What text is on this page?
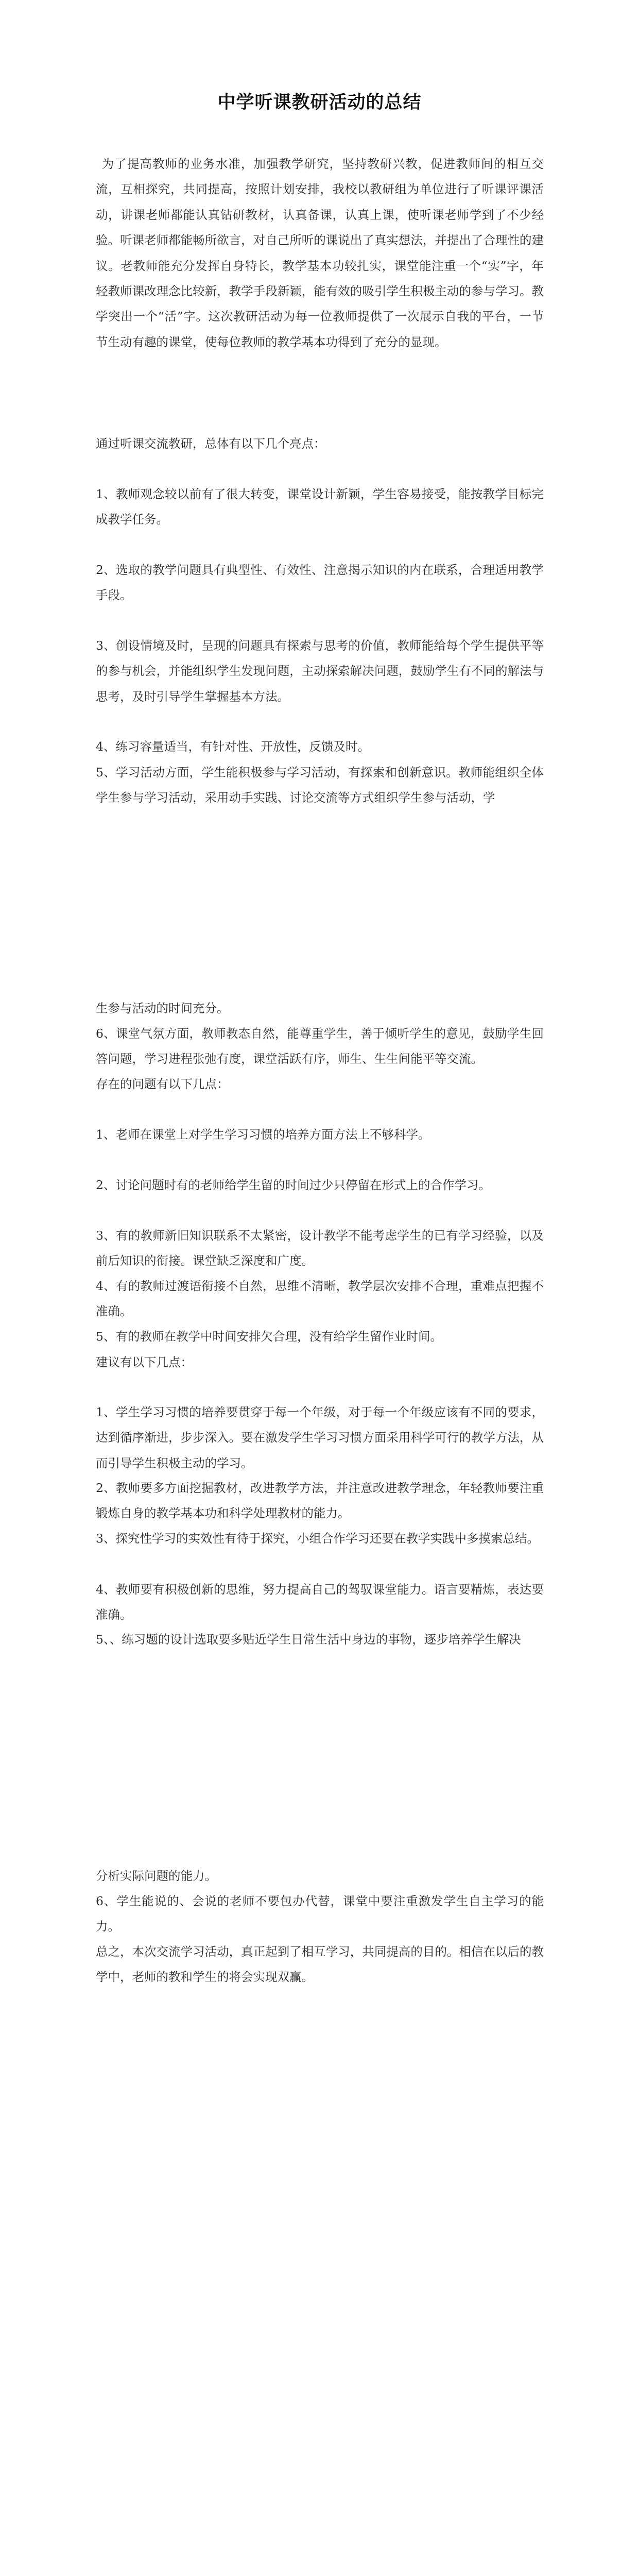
中学听课教研活动的总结

为了提高教师的业务水准，加强教学研究，坚持教研兴教，促进教师间的相互交流，互相探究，共同提高，按照计划安排，我校以教研组为单位进行了听课评课活动，讲课老师都能认真钻研教材，认真备课，认真上课，使听课老师学到了不少经验。听课老师都能畅所欲言，对自己所听的课说出了真实想法，并提出了合理性的建议。老教师能充分发挥自身特长，教学基本功较扎实，课堂能注重一个“实”字，年轻教师课改理念比较新，教学手段新颖，能有效的吸引学生积极主动的参与学习。教学突出一个“活”字。这次教研活动为每一位教师提供了一次展示自我的平台，一节节生动有趣的课堂，使每位教师的教学基本功得到了充分的显现。

通过听课交流教研，总体有以下几个亮点：

1、教师观念较以前有了很大转变，课堂设计新颖，学生容易接受，能按教学目标完成教学任务。

2、选取的教学问题具有典型性、有效性、注意揭示知识的内在联系，合理适用教学手段。

3、创设情境及时，呈现的问题具有探索与思考的价值，教师能给每个学生提供平等的参与机会，并能组织学生发现问题，主动探索解决问题，鼓励学生有不同的解法与思考，及时引导学生掌握基本方法。

4、练习容量适当，有针对性、开放性，反馈及时。

5、学习活动方面，学生能积极参与学习活动，有探索和创新意识。教师能组织全体学生参与学习活动，采用动手实践、讨论交流等方式组织学生参与活动，学

生参与活动的时间充分。

6、课堂气氛方面，教师教态自然，能尊重学生，善于倾听学生的意见，鼓励学生回答问题，学习进程张弛有度，课堂活跃有序，师生、生生间能平等交流。

存在的问题有以下几点：

1、老师在课堂上对学生学习习惯的培养方面方法上不够科学。

2、讨论问题时有的老师给学生留的时间过少只停留在形式上的合作学习。

3、有的教师新旧知识联系不太紧密，设计教学不能考虑学生的已有学习经验，以及前后知识的衔接。课堂缺乏深度和广度。

4、有的教师过渡语衔接不自然，思维不清晰，教学层次安排不合理，重难点把握不准确。

5、有的教师在教学中时间安排欠合理，没有给学生留作业时间。

建议有以下几点：

1、学生学习习惯的培养要贯穿于每一个年级，对于每一个年级应该有不同的要求，达到循序渐进，步步深入。要在激发学生学习习惯方面采用科学可行的教学方法，从而引导学生积极主动的学习。

2、教师要多方面挖掘教材，改进教学方法，并注意改进教学理念，年轻教师要注重锻炼自身的教学基本功和科学处理教材的能力。

3、探究性学习的实效性有待于探究，小组合作学习还要在教学实践中多摸索总结。

4、教师要有积极创新的思维，努力提高自己的驾驭课堂能力。语言要精炼，表达要准确。

5、、练习题的设计选取要多贴近学生日常生活中身边的事物，逐步培养学生解决

分析实际问题的能力。

6、学生能说的、会说的老师不要包办代替，课堂中要注重激发学生自主学习的能力。

总之，本次交流学习活动，真正起到了相互学习，共同提高的目的。相信在以后的教学中，老师的教和学生的将会实现双赢。
